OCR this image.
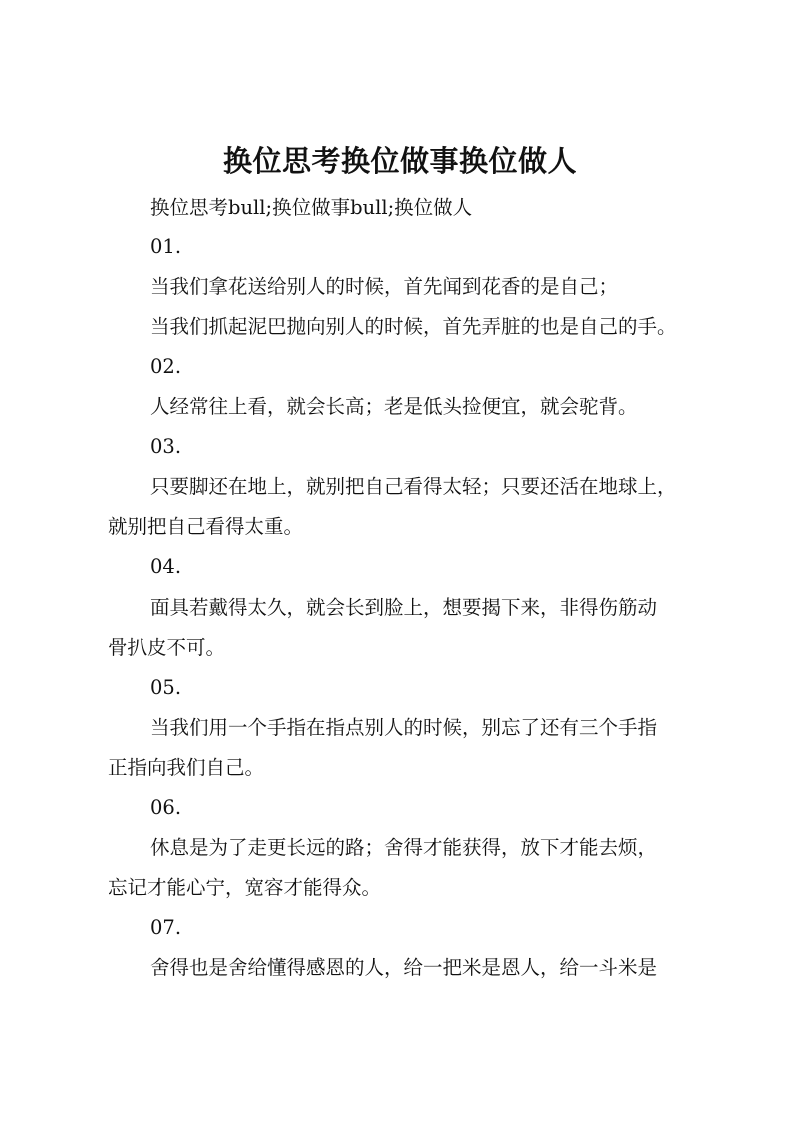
换位思考换位做事换位做人
换位思考bull;换位做事bull;换位做人
01.
当我们拿花送给别人的时候，首先闻到花香的是自己；
当我们抓起泥巴抛向别人的时候，首先弄脏的也是自己的手。
02.
人经常往上看，就会长高；老是低头捡便宜，就会驼背。
03.
只要脚还在地上，就别把自己看得太轻；只要还活在地球上，
就别把自己看得太重。
04.
面具若戴得太久，就会长到脸上，想要揭下来，非得伤筋动
骨扒皮不可。
05.
当我们用一个手指在指点别人的时候，别忘了还有三个手指
正指向我们自己。
06.
休息是为了走更长远的路；舍得才能获得，放下才能去烦，
忘记才能心宁，宽容才能得众。
07.
舍得也是舍给懂得感恩的人，给一把米是恩人，给一斗米是
